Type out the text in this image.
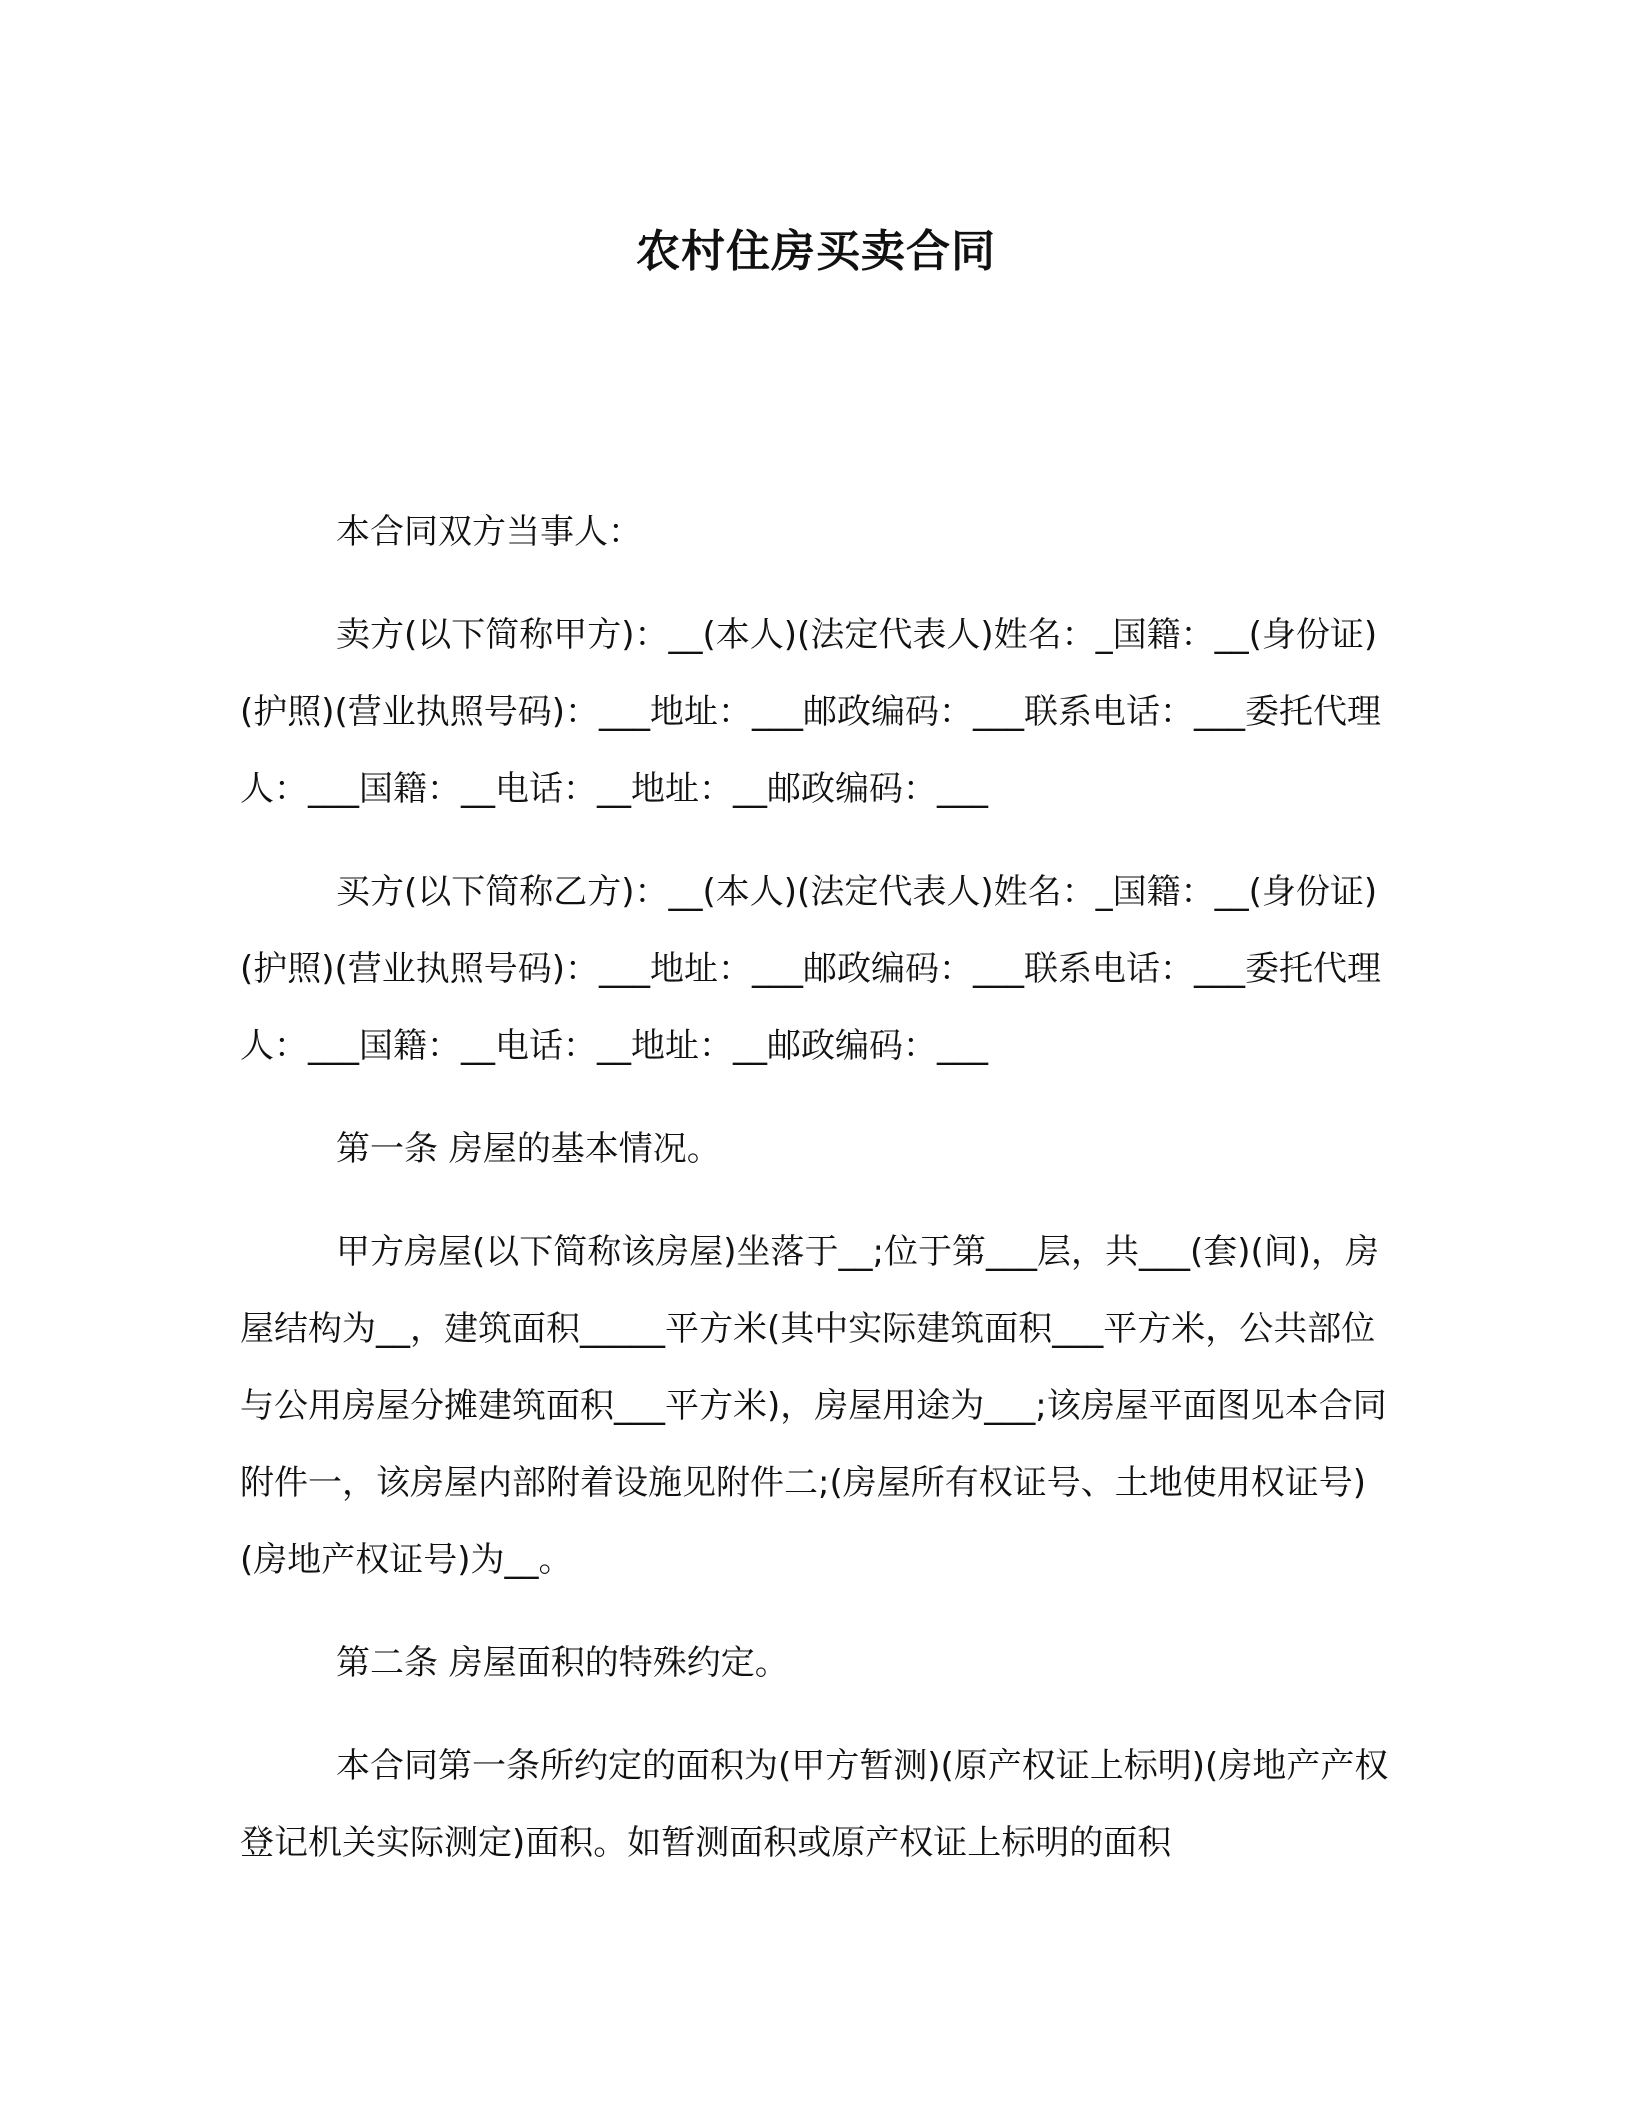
农村住房买卖合同

本合同双方当事人：

卖方(以下简称甲方)：__(本人)(法定代表人)姓名：_国籍：__(身份证)(护照)(营业执照号码)：___地址：___邮政编码：___联系电话：___委托代理人：___国籍：__电话：__地址：__邮政编码：___

买方(以下简称乙方)：__(本人)(法定代表人)姓名：_国籍：__(身份证)(护照)(营业执照号码)：___地址：___邮政编码：___联系电话：___委托代理人：___国籍：__电话：__地址：__邮政编码：___

第一条 房屋的基本情况。

甲方房屋(以下简称该房屋)坐落于__;位于第___层，共___(套)(间)，房屋结构为__，建筑面积_____平方米(其中实际建筑面积___平方米，公共部位与公用房屋分摊建筑面积___平方米)，房屋用途为___;该房屋平面图见本合同附件一，该房屋内部附着设施见附件二;(房屋所有权证号、土地使用权证号)(房地产权证号)为__。

第二条 房屋面积的特殊约定。

本合同第一条所约定的面积为(甲方暂测)(原产权证上标明)(房地产产权登记机关实际测定)面积。如暂测面积或原产权证上标明的面积
